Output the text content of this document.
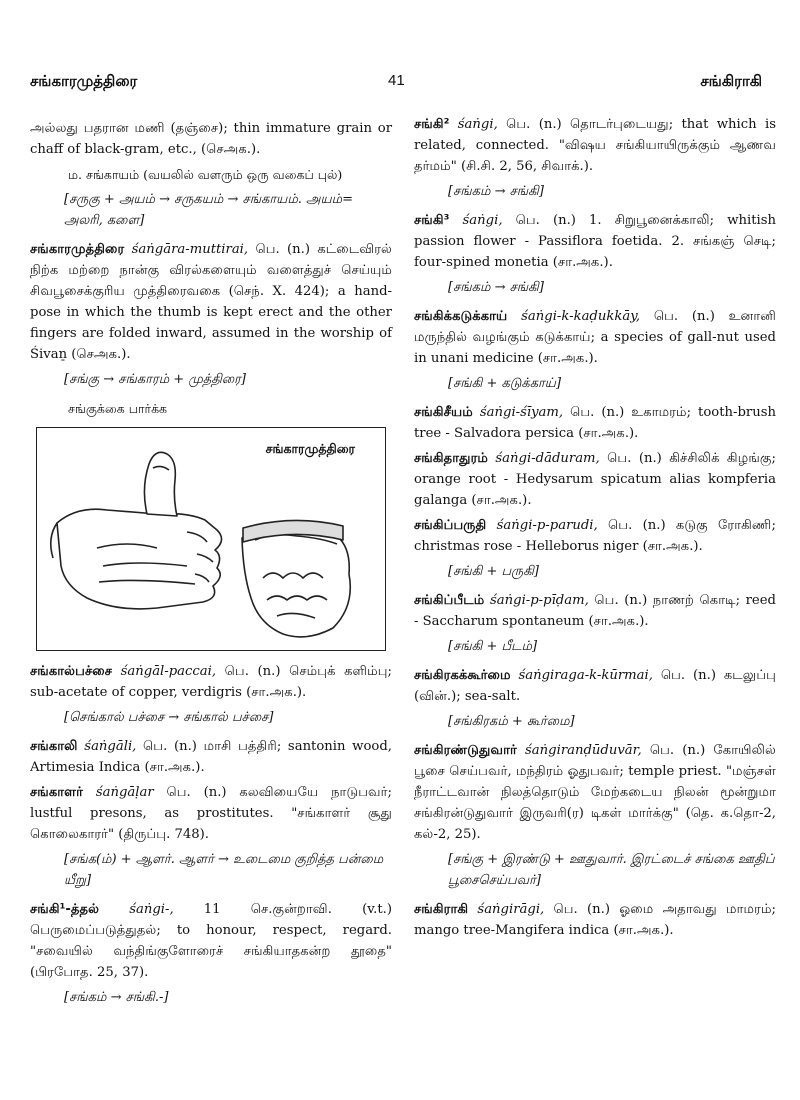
சங்காரமுத்திரை	41	சங்கிராகி
அல்லது பதரான மணி (தஞ்சை); thin immature grain or chaff of black-gram, etc., (செஅக.).
ம. சங்காயம் (வயலில் வளரும் ஒரு வகைப் புல்)
[சருகு + அயம் → சருகயம் → சங்காயம். அயம்= அலரி, களை]
சங்காரமுத்திரை śaṅgāra-muttirai, பெ. (n.) கட்டைவிரல் நிற்க மற்றை நான்கு விரல்களையும் வளைத்துச் செய்யும் சிவபூசைக்குரிய முத்திரைவகை (செந். X. 424); a hand-pose in which the thumb is kept erect and the other fingers are folded inward, assumed in the worship of Śivan̠ (செஅக.).
[சங்கு → சங்காரம் + முத்திரை]
சங்குக்கை பார்க்க
சங்காரமுத்திரை
சங்கால்பச்சை śaṅgāl-paccai, பெ. (n.) செம்புக் களிம்பு; sub-acetate of copper, verdigris (சா.அக.).
[செங்கால் பச்சை → சங்கால் பச்சை]
சங்காலி śaṅgāli, பெ. (n.) மாசி பத்திரி; santonin wood, Artimesia Indica (சா.அக.).
சங்காளர் śaṅgāḷar பெ. (n.) கலவியையே நாடுபவர்; lustful presons, as prostitutes. "சங்காளர் சூது கொலைகாரர்" (திருப்பு. 748).
[சங்க(ம்) + ஆளர். ஆளர் → உடைமை குறித்த பன்மை யீறு]
சங்கி¹-த்தல் śaṅgi-, 11 செ.குன்றாவி. (v.t.) பெருமைப்படுத்துதல்; to honour, respect, regard. "சவையில் வந்திங்குளோரைச் சங்கியாதகன்ற தூதை" (பிரபோத. 25, 37).
[சங்கம் → சங்கி.-]
சங்கி² śaṅgi, பெ. (n.) தொடர்புடையது; that which is related, connected. "விஷய சங்கியாயிருக்கும் ஆணவ தர்மம்" (சி.சி. 2, 56, சிவாக்.).
[சங்கம் → சங்கி]
சங்கி³ śaṅgi, பெ. (n.) 1. சிறுபூனைக்காலி; whitish passion flower - Passiflora foetida. 2. சங்கஞ் செடி; four-spined monetia (சா.அக.).
[சங்கம் → சங்கி]
சங்கிக்கடுக்காய் śaṅgi-k-kaḍukkāy, பெ. (n.) உனானி மருந்தில் வழங்கும் கடுக்காய்; a species of gall-nut used in unani medicine (சா.அக.).
[சங்கி + கடுக்காய்]
சங்கிசீயம் śaṅgi-śīyam, பெ. (n.) உகாமரம்; tooth-brush tree - Salvadora persica (சா.அக.).
சங்கிதாதுரம் śaṅgi-dāduram, பெ. (n.) கிச்சிலிக் கிழங்கு; orange root - Hedysarum spicatum alias kompferia galanga (சா.அக.).
சங்கிப்பருதி śaṅgi-p-parudi, பெ. (n.) கடுகு ரோகிணி; christmas rose - Helleborus niger (சா.அக.).
[சங்கி + பருகி]
சங்கிப்பீடம் śaṅgi-p-pīḍam, பெ. (n.) நாணற் கொடி; reed - Saccharum spontaneum (சா.அக.).
[சங்கி + பீடம்]
சங்கிரகக்கூர்மை śaṅgiraga-k-kūrmai, பெ. (n.) கடலுப்பு (வின்.); sea-salt.
[சங்கிரகம் + கூர்மை]
சங்கிரண்டுதுவார் śaṅgiranḍūduvār, பெ. (n.) கோயிலில் பூசை செய்பவர், மந்திரம் ஓதுபவர்; temple priest. "மஞ்சள் நீராட்டவான் நிலத்தொடும் மேற்கடைய நிலன் மூன்றுமா சங்கிரன்டுதுவார் இருவரி(ர) டிகள் மார்க்கு" (தெ. க.தொ-2, கல்-2, 25).
[சங்கு + இரண்டு + ஊதுவார். இரட்டைச் சங்கை ஊதிப் பூசைசெய்பவர்]
சங்கிராகி śaṅgirāgi, பெ. (n.) ஓமை அதாவது மாமரம்; mango tree-Mangifera indica (சா.அக.).
